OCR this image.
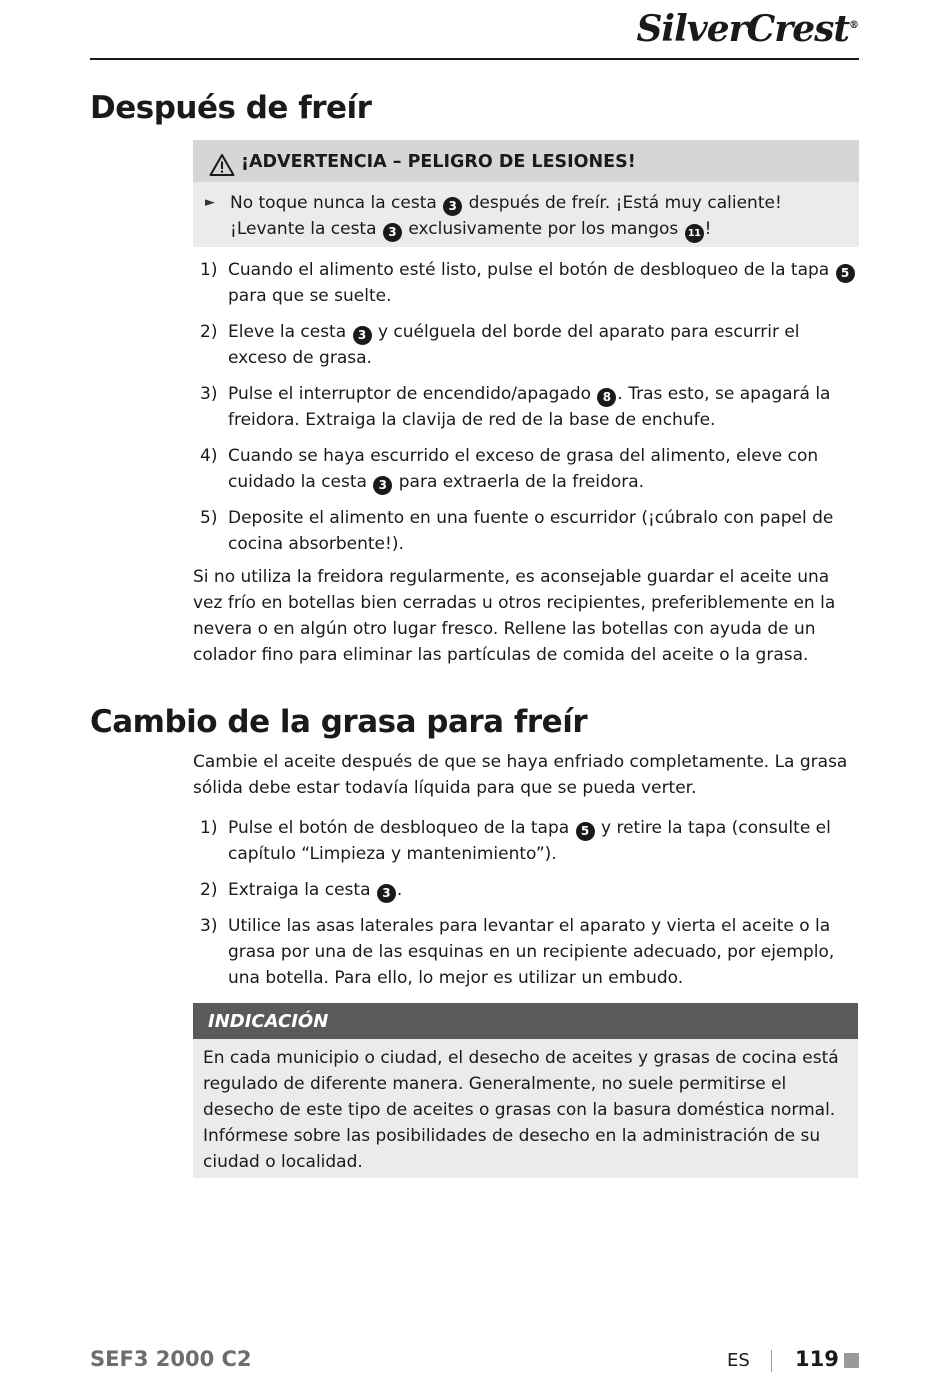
SilverCrest®
Después de freír
¡ADVERTENCIA – PELIGRO DE LESIONES!
► No toque nunca la cesta 3 después de freír. ¡Está muy caliente! ¡Levante la cesta 3 exclusivamente por los mangos 11 !
1) Cuando el alimento esté listo, pulse el botón de desbloqueo de la tapa 5 para que se suelte.
2) Eleve la cesta 3 y cuélguela del borde del aparato para escurrir el exceso de grasa.
3) Pulse el interruptor de encendido/apagado 8 . Tras esto, se apagará la freidora. Extraiga la clavija de red de la base de enchufe.
4) Cuando se haya escurrido el exceso de grasa del alimento, eleve con cuidado la cesta 3 para extraerla de la freidora.
5) Deposite el alimento en una fuente o escurridor (¡cúbralo con papel de cocina absorbente!).
Si no utiliza la freidora regularmente, es aconsejable guardar el aceite una vez frío en botellas bien cerradas u otros recipientes, preferiblemente en la nevera o en algún otro lugar fresco. Rellene las botellas con ayuda de un colador fino para eliminar las partículas de comida del aceite o la grasa.
Cambio de la grasa para freír
Cambie el aceite después de que se haya enfriado completamente. La grasa sólida debe estar todavía líquida para que se pueda verter.
1) Pulse el botón de desbloqueo de la tapa 5 y retire la tapa (consulte el capítulo “Limpieza y mantenimiento”).
2) Extraiga la cesta 3 .
3) Utilice las asas laterales para levantar el aparato y vierta el aceite o la grasa por una de las esquinas en un recipiente adecuado, por ejemplo, una botella. Para ello, lo mejor es utilizar un embudo.
INDICACIÓN
En cada municipio o ciudad, el desecho de aceites y grasas de cocina está regulado de diferente manera. Generalmente, no suele permitirse el desecho de este tipo de aceites o grasas con la basura doméstica normal. Infórmese sobre las posibilidades de desecho en la administración de su ciudad o localidad.
SEF3 2000 C2	ES 119
